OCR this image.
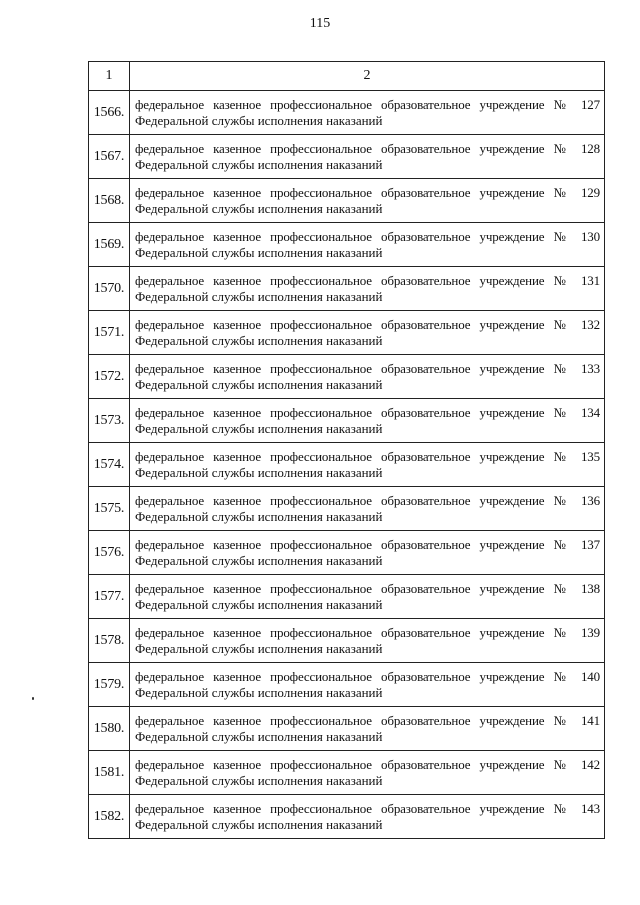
115
1	2
1566.	федеральное казенное профессиональное образовательное учреждение № 127
Федеральной службы исполнения наказаний

1567.	федеральное казенное профессиональное образовательное учреждение № 128
Федеральной службы исполнения наказаний

1568.	федеральное казенное профессиональное образовательное учреждение № 129
Федеральной службы исполнения наказаний

1569.	федеральное казенное профессиональное образовательное учреждение № 130
Федеральной службы исполнения наказаний

1570.	федеральное казенное профессиональное образовательное учреждение № 131
Федеральной службы исполнения наказаний

1571.	федеральное казенное профессиональное образовательное учреждение № 132
Федеральной службы исполнения наказаний

1572.	федеральное казенное профессиональное образовательное учреждение № 133
Федеральной службы исполнения наказаний

1573.	федеральное казенное профессиональное образовательное учреждение № 134
Федеральной службы исполнения наказаний

1574.	федеральное казенное профессиональное образовательное учреждение № 135
Федеральной службы исполнения наказаний

1575.	федеральное казенное профессиональное образовательное учреждение № 136
Федеральной службы исполнения наказаний

1576.	федеральное казенное профессиональное образовательное учреждение № 137
Федеральной службы исполнения наказаний

1577.	федеральное казенное профессиональное образовательное учреждение № 138
Федеральной службы исполнения наказаний

1578.	федеральное казенное профессиональное образовательное учреждение № 139
Федеральной службы исполнения наказаний

1579.	федеральное казенное профессиональное образовательное учреждение № 140
Федеральной службы исполнения наказаний

1580.	федеральное казенное профессиональное образовательное учреждение № 141
Федеральной службы исполнения наказаний

1581.	федеральное казенное профессиональное образовательное учреждение № 142
Федеральной службы исполнения наказаний

1582.	федеральное казенное профессиональное образовательное учреждение № 143
Федеральной службы исполнения наказаний
